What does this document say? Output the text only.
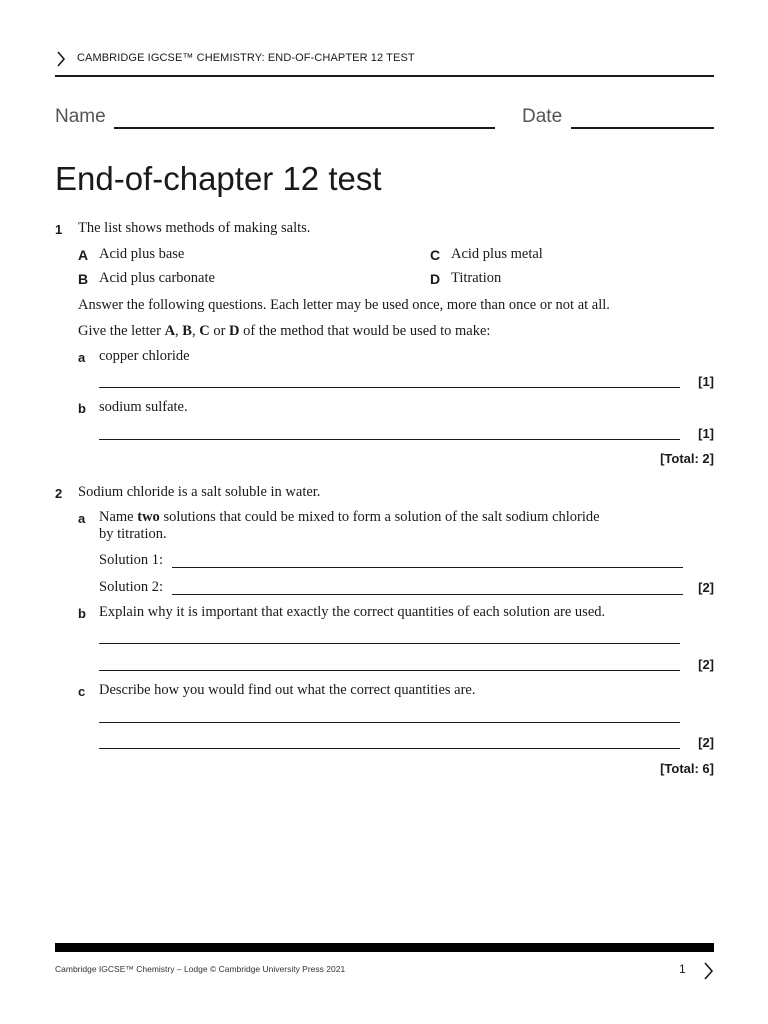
CAMBRIDGE IGCSE™ CHEMISTRY: END-OF-CHAPTER 12 TEST
Name	Date
End-of-chapter 12 test
1 The list shows methods of making salts.
A Acid plus base
B Acid plus carbonate
C Acid plus metal
D Titration
Answer the following questions. Each letter may be used once, more than once or not at all.
Give the letter A, B, C or D of the method that would be used to make:
a copper chloride
[1]
b sodium sulfate.
[1]
[Total: 2]
2 Sodium chloride is a salt soluble in water.
a Name two solutions that could be mixed to form a solution of the salt sodium chloride
by titration.
Solution 1:
Solution 2:	[2]
b Explain why it is important that exactly the correct quantities of each solution are used.
[2]
c Describe how you would find out what the correct quantities are.
[2]
[Total: 6]
Cambridge IGCSE™ Chemistry – Lodge © Cambridge University Press 2021	1
